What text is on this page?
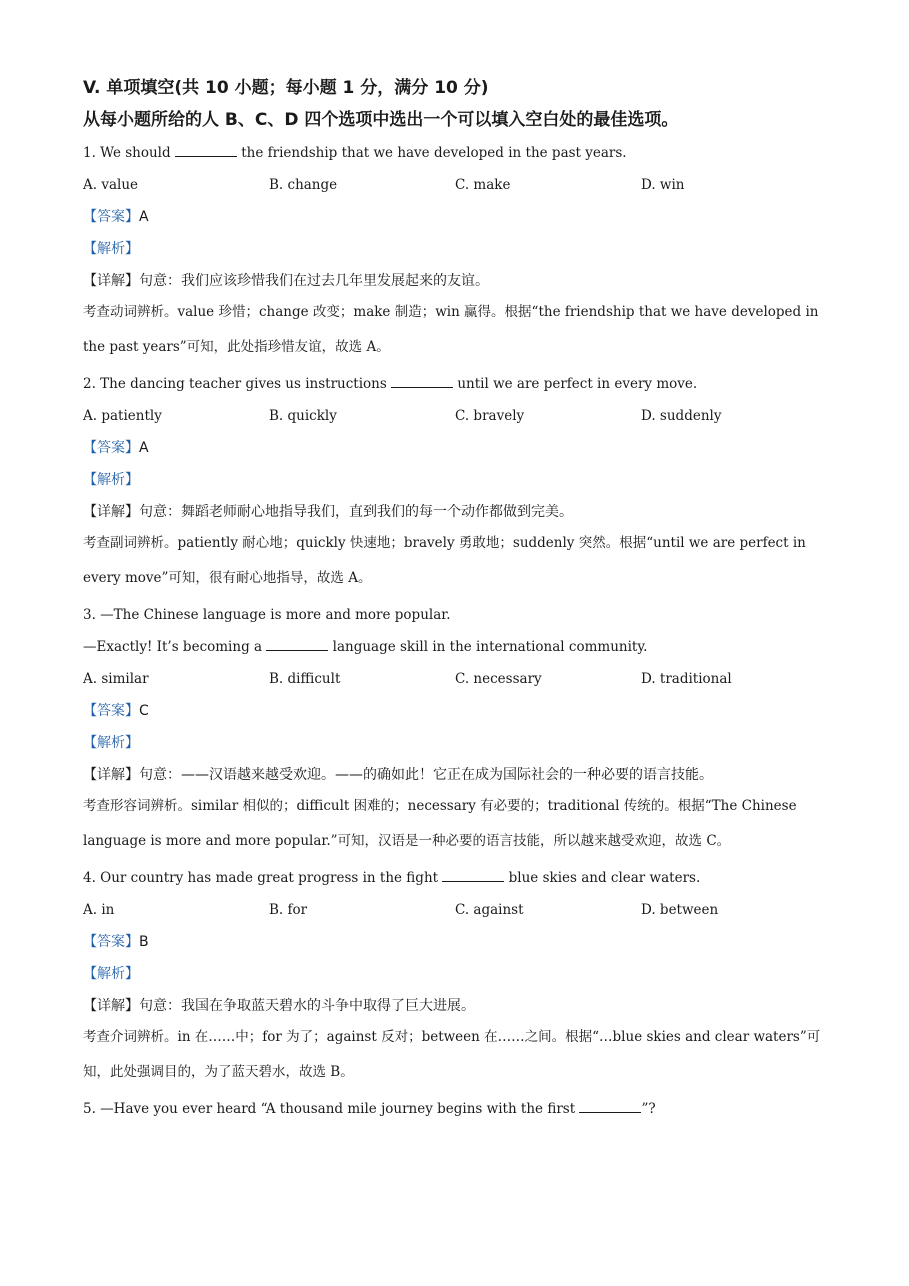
V. 单项填空(共 10 小题；每小题 1 分，满分 10 分)
从每小题所给的人 B、C、D 四个选项中选出一个可以填入空白处的最佳选项。
1. We should	the friendship that we have developed in the past years.
A. value	B. change	C. make	D. win
【答案】A
【解析】
【详解】句意：我们应该珍惜我们在过去几年里发展起来的友谊。
考查动词辨析。value 珍惜；change 改变；make 制造；win 赢得。根据“the friendship that we have developed in the past years”可知，此处指珍惜友谊，故选 A。
2. The dancing teacher gives us instructions	until we are perfect in every move.
A. patiently	B. quickly	C. bravely	D. suddenly
【答案】A
【解析】
【详解】句意：舞蹈老师耐心地指导我们，直到我们的每一个动作都做到完美。
考查副词辨析。patiently 耐心地；quickly 快速地；bravely 勇敢地；suddenly 突然。根据“until we are perfect in every move”可知，很有耐心地指导，故选 A。
3. —The Chinese language is more and more popular.
—Exactly! It’s becoming a	language skill in the international community.
A. similar	B. difficult	C. necessary	D. traditional
【答案】C
【解析】
【详解】句意：——汉语越来越受欢迎。——的确如此！它正在成为国际社会的一种必要的语言技能。
考查形容词辨析。similar 相似的；difficult 困难的；necessary 有必要的；traditional 传统的。根据“The Chinese language is more and more popular.”可知，汉语是一种必要的语言技能，所以越来越受欢迎，故选 C。
4. Our country has made great progress in the fight	blue skies and clear waters.
A. in	B. for	C. against	D. between
【答案】B
【解析】
【详解】句意：我国在争取蓝天碧水的斗争中取得了巨大进展。
考查介词辨析。in 在……中；for 为了；against 反对；between 在……之间。根据“…blue skies and clear waters”可知，此处强调目的，为了蓝天碧水，故选 B。
5. —Have you ever heard “A thousand mile journey begins with the first	”?
